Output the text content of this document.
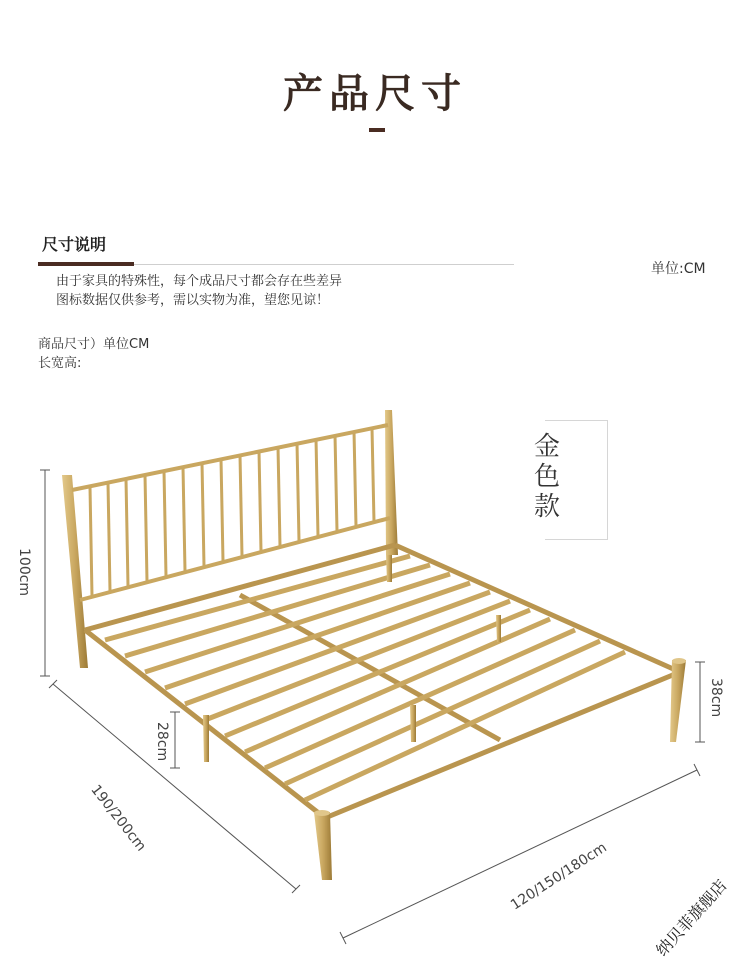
产品尺寸
尺寸说明
由于家具的特殊性，每个成品尺寸都会存在些差异
图标数据仅供参考，需以实物为准，望您见谅！
单位:CM
商品尺寸）单位CM
长宽高:
金色款
100cm
28cm
38cm
190/200cm
120/150/180cm	纳贝菲旗舰店
